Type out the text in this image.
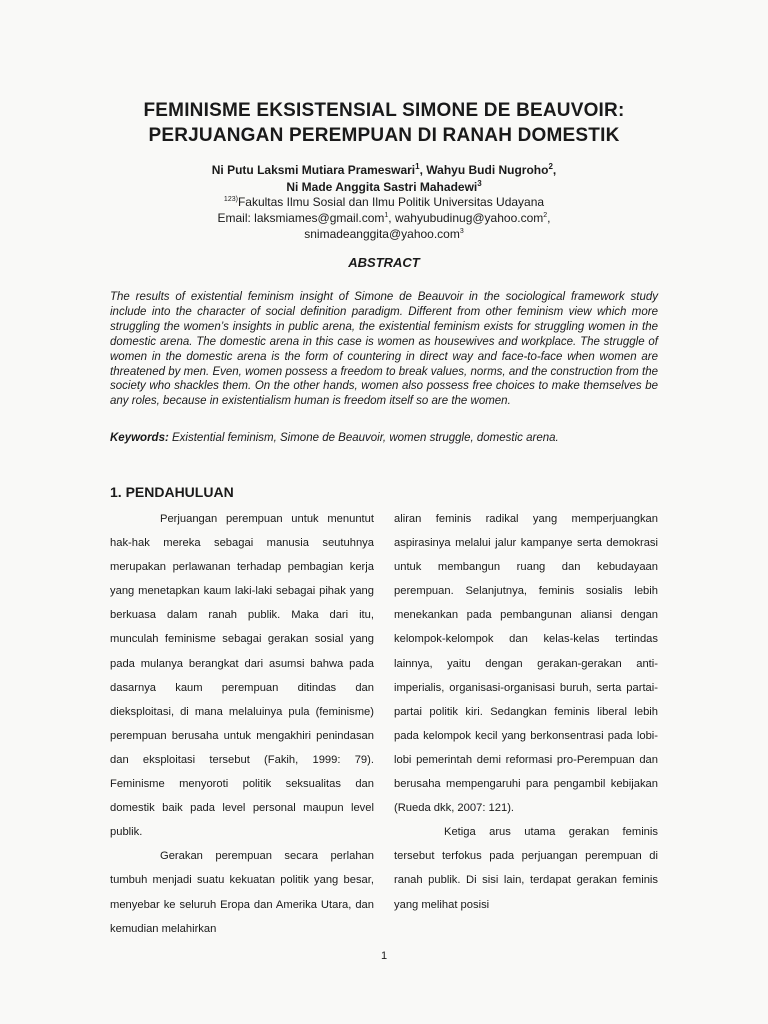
FEMINISME EKSISTENSIAL SIMONE DE BEAUVOIR:
PERJUANGAN PEREMPUAN DI RANAH DOMESTIK
Ni Putu Laksmi Mutiara Prameswari$^1$, Wahyu Budi Nugroho$^2$,
Ni Made Anggita Sastri Mahadewi$^3$
$^{123)}$Fakultas Ilmu Sosial dan Ilmu Politik Universitas Udayana
Email: laksmiames@gmail.com$^1$, wahyubudinug@yahoo.com$^2$,
snimadeanggita@yahoo.com$^3$
ABSTRACT
The results of existential feminism insight of Simone de Beauvoir in the sociological framework study include into the character of social definition paradigm. Different from other feminism view which more struggling the women’s insights in public arena, the existential feminism exists for struggling women in the domestic arena. The domestic arena in this case is women as housewives and workplace. The struggle of women in the domestic arena is the form of countering in direct way and face-to-face when women are threatened by men. Even, women possess a freedom to break values, norms, and the construction from the society who shackles them. On the other hands, women also possess free choices to make themselves be any roles, because in existentialism human is freedom itself so are the women.
Keywords: Existential feminism, Simone de Beauvoir, women struggle, domestic arena.
1. PENDAHULUAN

Perjuangan perempuan untuk menuntut hak-hak mereka sebagai manusia seutuhnya merupakan perlawanan terhadap pembagian kerja yang menetapkan kaum laki-laki sebagai pihak yang berkuasa dalam ranah publik. Maka dari itu, munculah feminisme sebagai gerakan sosial yang pada mulanya berangkat dari asumsi bahwa pada dasarnya kaum perempuan ditindas dan dieksploitasi, di mana melaluinya pula (feminisme) perempuan berusaha untuk mengakhiri penindasan dan eksploitasi tersebut (Fakih, 1999: 79). Feminisme menyoroti politik seksualitas dan domestik baik pada level personal maupun level publik.

Gerakan perempuan secara perlahan tumbuh menjadi suatu kekuatan politik yang besar, menyebar ke seluruh Eropa dan Amerika Utara, dan kemudian melahirkan

aliran feminis radikal yang memperjuangkan aspirasinya melalui jalur kampanye serta demokrasi untuk membangun ruang dan kebudayaan perempuan. Selanjutnya, feminis sosialis lebih menekankan pada pembangunan aliansi dengan kelompok-kelompok dan kelas-kelas tertindas lainnya, yaitu dengan gerakan-gerakan anti-imperialis, organisasi-organisasi buruh, serta partai-partai politik kiri. Sedangkan feminis liberal lebih pada kelompok kecil yang berkonsentrasi pada lobi-lobi pemerintah demi reformasi pro-Perempuan dan berusaha mempengaruhi para pengambil kebijakan (Rueda dkk, 2007: 121).

Ketiga arus utama gerakan feminis tersebut terfokus pada perjuangan perempuan di ranah publik. Di sisi lain, terdapat gerakan feminis yang melihat posisi

1
